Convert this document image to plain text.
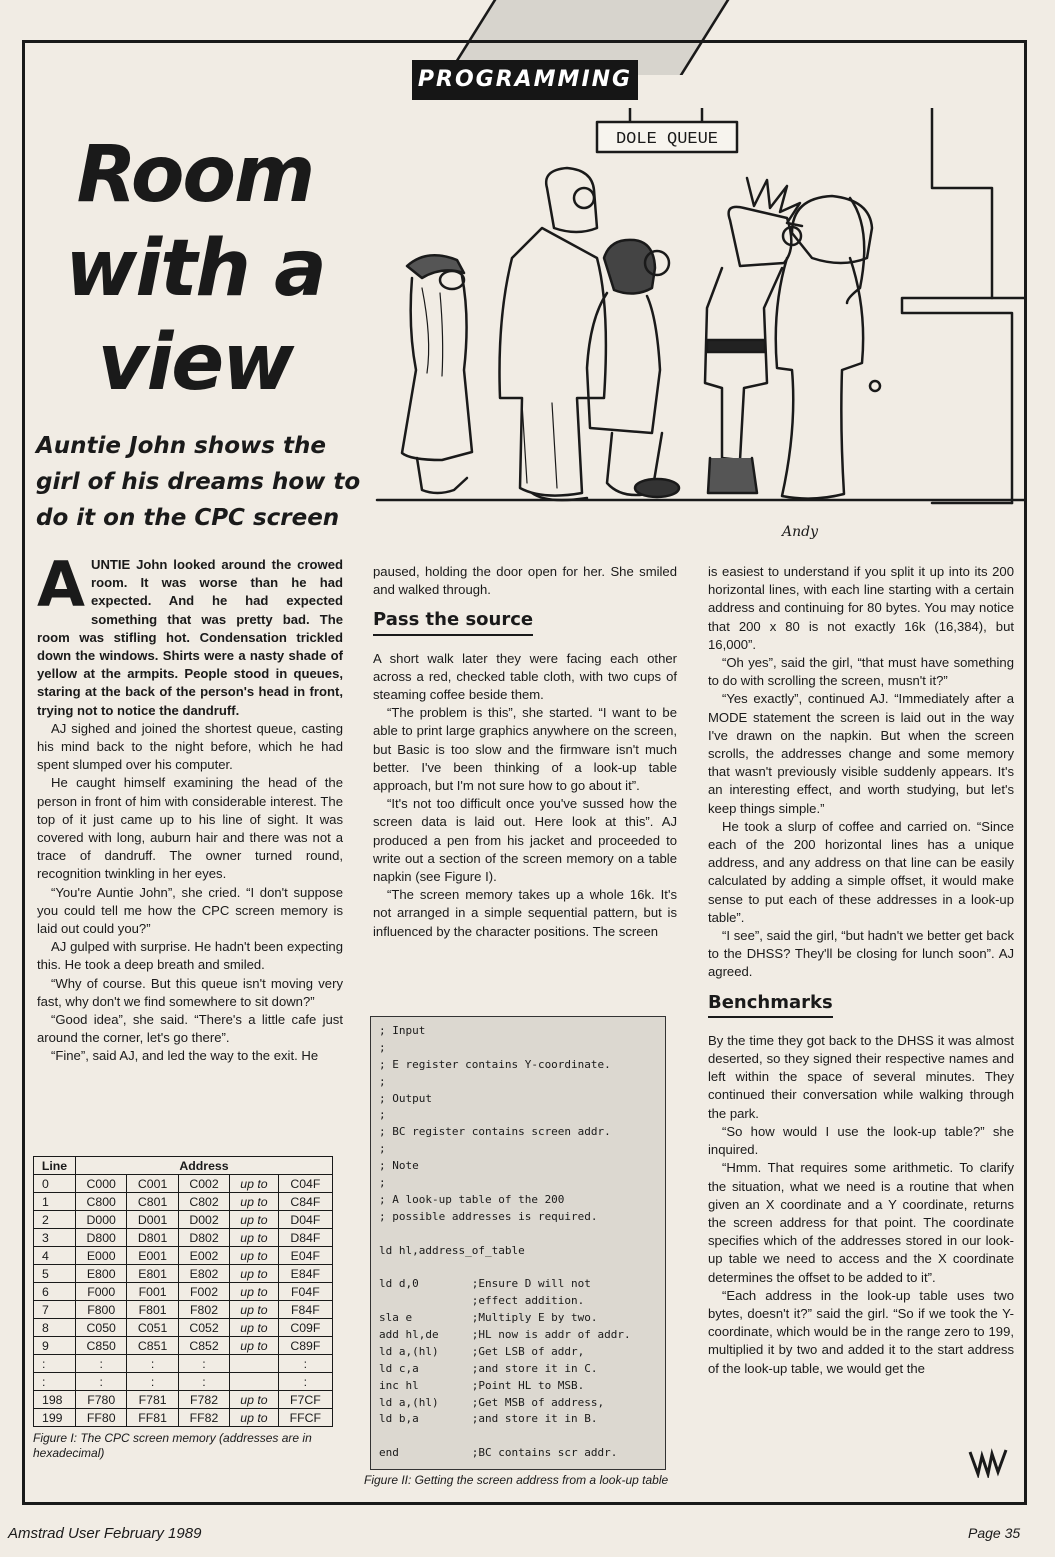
PROGRAMMING
Room
with a
view

Auntie John shows the girl of his dreams how to do it on the CPC screen

DOLE QUEUE
Andy

AUNTIE John looked around the crowed room. It was worse than he had expected. And he had expected something that was pretty bad. The room was stifling hot. Condensation trickled down the windows. Shirts were a nasty shade of yellow at the armpits. People stood in queues, staring at the back of the person's head in front, trying not to notice the dandruff.

AJ sighed and joined the shortest queue, casting his mind back to the night before, which he had spent slumped over his computer.

He caught himself examining the head of the person in front of him with considerable interest. The top of it just came up to his line of sight. It was covered with long, auburn hair and there was not a trace of dandruff. The owner turned round, recognition twinkling in her eyes.

“You're Auntie John”, she cried. “I don't suppose you could tell me how the CPC screen memory is laid out could you?”

AJ gulped with surprise. He hadn't been expecting this. He took a deep breath and smiled.

“Why of course. But this queue isn't moving very fast, why don't we find somewhere to sit down?”

“Good idea”, she said. “There's a little cafe just around the corner, let's go there”.

“Fine”, said AJ, and led the way to the exit. He

paused, holding the door open for her. She smiled and walked through.

Pass the source

A short walk later they were facing each other across a red, checked table cloth, with two cups of steaming coffee beside them.

“The problem is this”, she started. “I want to be able to print large graphics anywhere on the screen, but Basic is too slow and the firmware isn't much better. I've been thinking of a look-up table approach, but I'm not sure how to go about it”.

“It's not too difficult once you've sussed how the screen data is laid out. Here look at this”. AJ produced a pen from his jacket and proceeded to write out a section of the screen memory on a table napkin (see Figure I).

“The screen memory takes up a whole 16k. It's not arranged in a simple sequential pattern, but is influenced by the character positions. The screen

is easiest to understand if you split it up into its 200 horizontal lines, with each line starting with a certain address and continuing for 80 bytes. You may notice that 200 x 80 is not exactly 16k (16,384), but 16,000”.

“Oh yes”, said the girl, “that must have something to do with scrolling the screen, musn't it?”

“Yes exactly”, continued AJ. “Immediately after a MODE statement the screen is laid out in the way I've drawn on the napkin. But when the screen scrolls, the addresses change and some memory that wasn't previously visible suddenly appears. It's an interesting effect, and worth studying, but let's keep things simple.”

He took a slurp of coffee and carried on. “Since each of the 200 horizontal lines has a unique address, and any address on that line can be easily calculated by adding a simple offset, it would make sense to put each of these addresses in a look-up table”.

“I see”, said the girl, “but hadn't we better get back to the DHSS? They'll be closing for lunch soon”. AJ agreed.

Benchmarks

By the time they got back to the DHSS it was almost deserted, so they signed their respective names and left within the space of several minutes. They continued their conversation while walking through the park.

“So how would I use the look-up table?” she inquired.

“Hmm. That requires some arithmetic. To clarify the situation, what we need is a routine that when given an X coordinate and a Y coordinate, returns the screen address for that point. The coordinate specifies which of the addresses stored in our look-up table we need to access and the X coordinate determines the offset to be added to it”.

“Each address in the look-up table uses two bytes, doesn't it?” said the girl. “So if we took the Y-coordinate, which would be in the range zero to 199, multiplied it by two and added it to the start address of the look-up table, we would get the

Line	Address				
0	C000	C001	C002	up to	C04F
1	C800	C801	C802	up to	C84F
2	D000	D001	D002	up to	D04F
3	D800	D801	D802	up to	D84F
4	E000	E001	E002	up to	E04F
5	E800	E801	E802	up to	E84F
6	F000	F001	F002	up to	F04F
7	F800	F801	F802	up to	F84F
8	C050	C051	C052	up to	C09F
9	C850	C851	C852	up to	C89F
:	:	:	:		:
:	:	:	:		:
198	F780	F781	F782	up to	F7CF
199	FF80	FF81	FF82	up to	FFCF
Figure I: The CPC screen memory (addresses are in hexadecimal)
; Input
;
; E register contains Y-coordinate.
;
; Output
;
; BC register contains screen addr.
;
; Note
;
; A look-up table of the 200
; possible addresses is required.
ld hl,address_of_table
ld d,0        ;Ensure D will not
;effect addition.
sla e         ;Multiply E by two.
add hl,de     ;HL now is addr of addr.
ld a,(hl)     ;Get LSB of addr,
ld c,a        ;and store it in C.
inc hl        ;Point HL to MSB.
ld a,(hl)     ;Get MSB of address,
ld b,a        ;and store it in B.
end           ;BC contains scr addr.
Figure II: Getting the screen address from a look-up table
Amstrad User February 1989	Page 35
